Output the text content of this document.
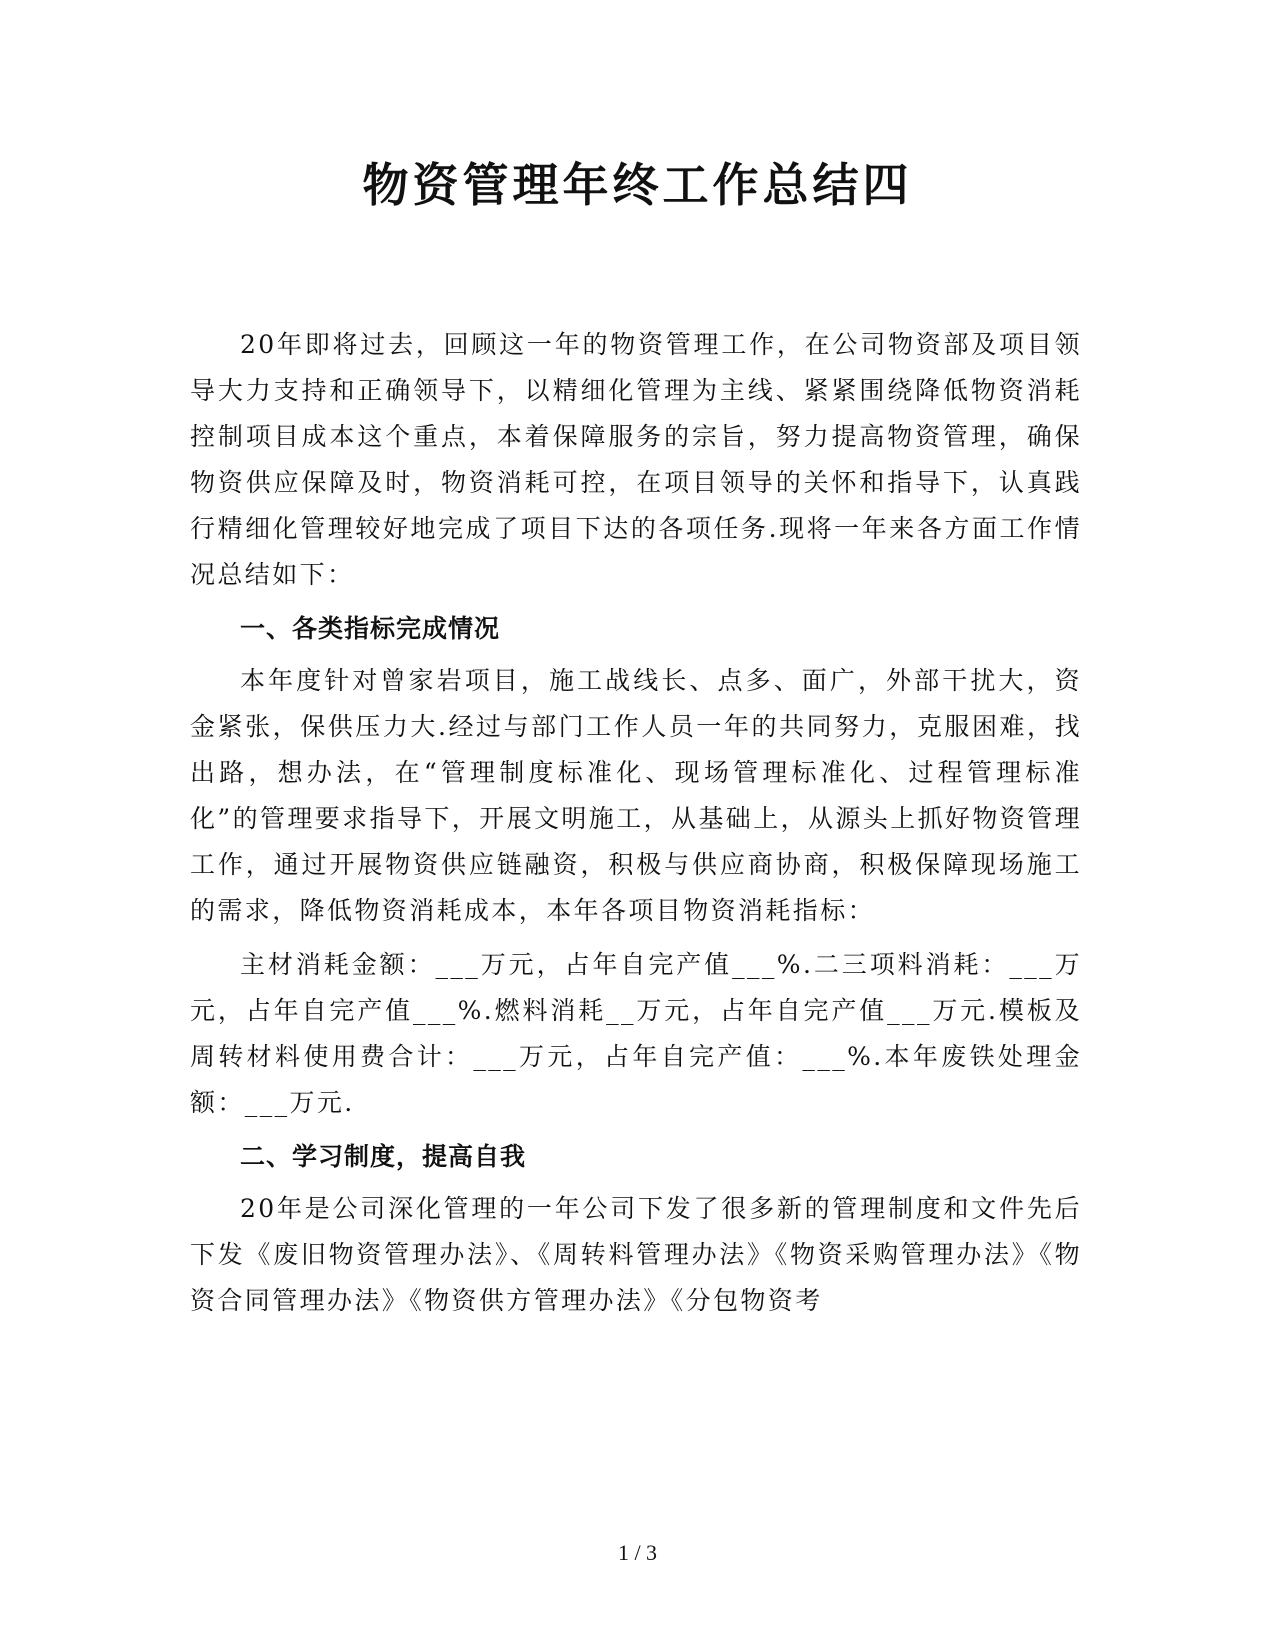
物资管理年终工作总结四

20年即将过去，回顾这一年的物资管理工作，在公司物资部及项目领导大力支持和正确领导下，以精细化管理为主线、紧紧围绕降低物资消耗控制项目成本这个重点，本着保障服务的宗旨，努力提高物资管理，确保物资供应保障及时，物资消耗可控，在项目领导的关怀和指导下，认真践行精细化管理较好地完成了项目下达的各项任务.现将一年来各方面工作情况总结如下：

一、各类指标完成情况

本年度针对曾家岩项目，施工战线长、点多、面广，外部干扰大，资金紧张，保供压力大.经过与部门工作人员一年的共同努力，克服困难，找出路，想办法，在“管理制度标准化、现场管理标准化、过程管理标准化”的管理要求指导下，开展文明施工，从基础上，从源头上抓好物资管理工作，通过开展物资供应链融资，积极与供应商协商，积极保障现场施工的需求，降低物资消耗成本，本年各项目物资消耗指标：

主材消耗金额：___万元，占年自完产值___%.二三项料消耗：___万元，占年自完产值___%.燃料消耗__万元，占年自完产值___万元.模板及周转材料使用费合计：___万元，占年自完产值：___%.本年废铁处理金额：___万元.

二、学习制度，提高自我

20年是公司深化管理的一年公司下发了很多新的管理制度和文件先后下发《废旧物资管理办法》、《周转料管理办法》《物资采购管理办法》《物资合同管理办法》《物资供方管理办法》《分包物资考

1 / 3
